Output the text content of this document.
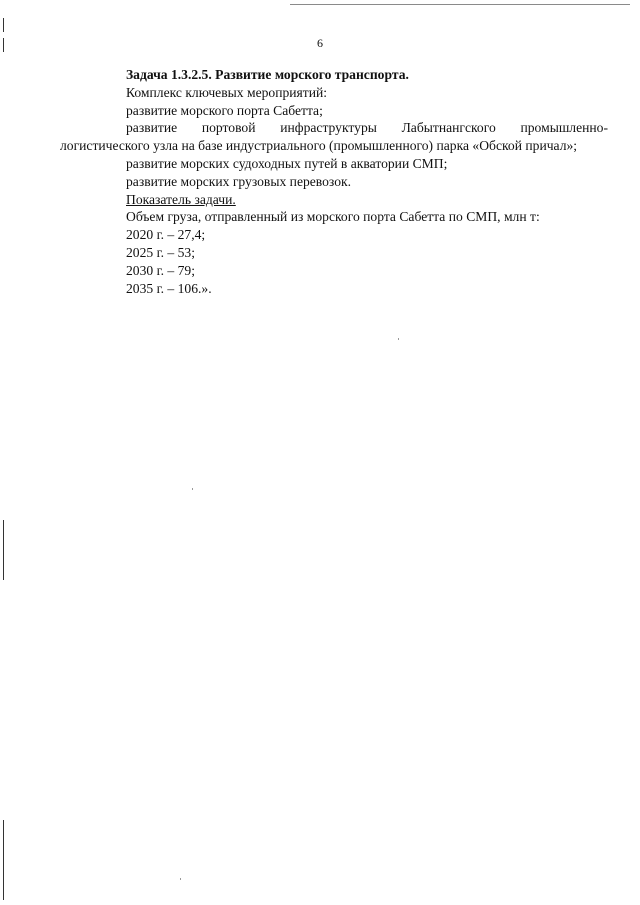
6

Задача 1.3.2.5. Развитие морского транспорта.

Комплекс ключевых мероприятий:

развитие морского порта Сабетта;

развитие портовой инфраструктуры Лабытнангского промышленно-логистического узла на базе индустриального (промышленного) парка «Обской причал»;

развитие морских судоходных путей в акватории СМП;

развитие морских грузовых перевозок.

Показатель задачи.

Объем груза, отправленный из морского порта Сабетта по СМП, млн т:

2020 г. – 27,4;

2025 г. – 53;

2030 г. – 79;

2035 г. – 106.».
